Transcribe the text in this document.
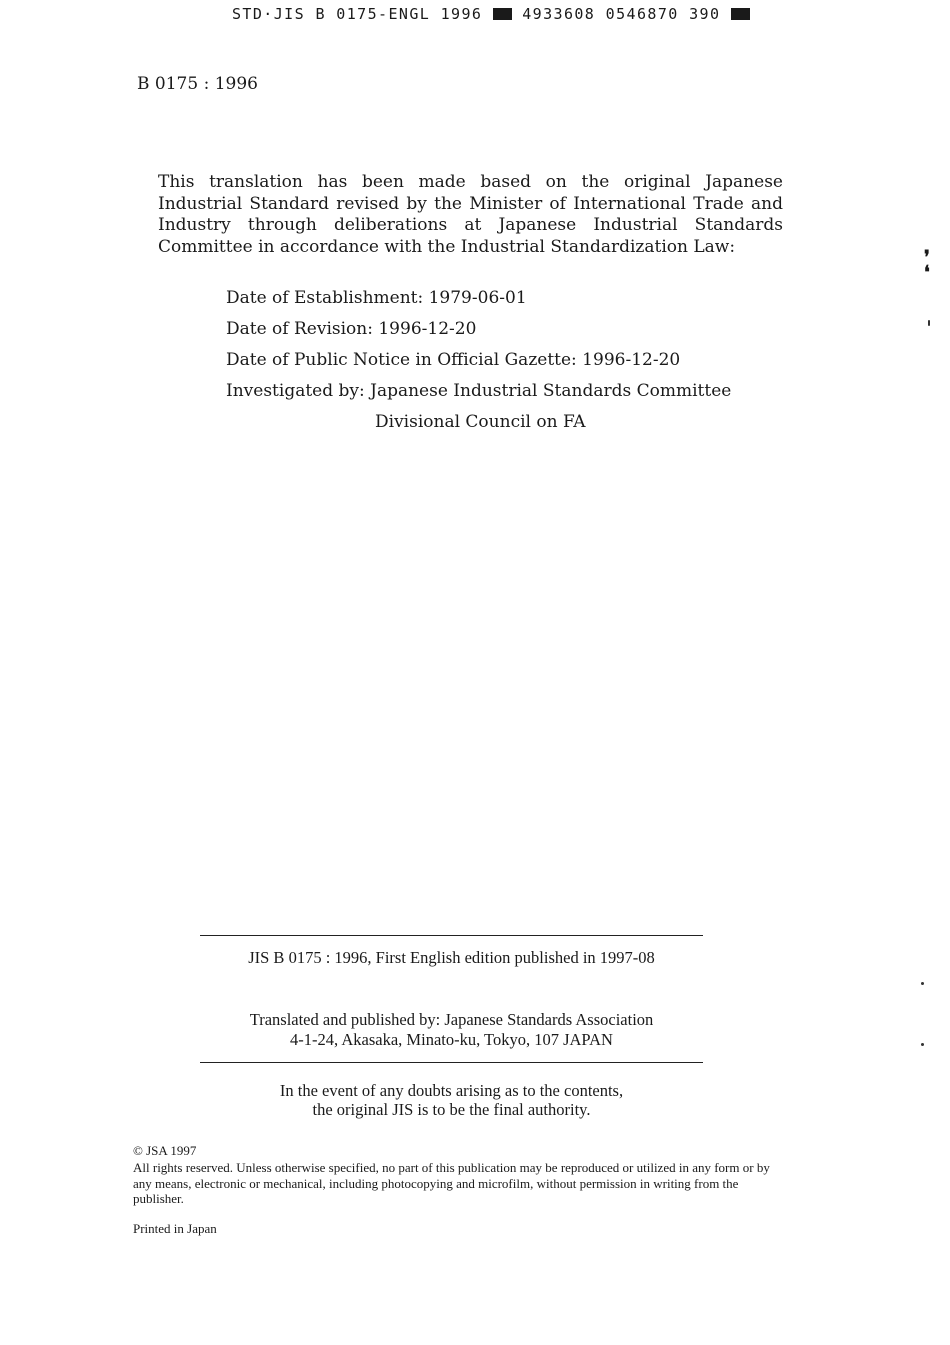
STD·JIS B 0175-ENGL 1996	4933608 0546870 390
B 0175 : 1996
This translation has been made based on the original Japanese Industrial Standard revised by the Minister of International Trade and Industry through deliberations at Japanese Industrial Standards Committee in accordance with the Industrial Standardization Law:
Date of Establishment: 1979-06-01
Date of Revision: 1996-12-20
Date of Public Notice in Official Gazette: 1996-12-20
Investigated by: Japanese Industrial Standards Committee
Divisional Council on FA
JIS B 0175 : 1996, First English edition published in 1997-08
Translated and published by: Japanese Standards Association
4-1-24, Akasaka, Minato-ku, Tokyo, 107 JAPAN
In the event of any doubts arising as to the contents,
the original JIS is to be the final authority.
© JSA 1997
All rights reserved. Unless otherwise specified, no part of this publication may be reproduced or utilized in any form or by any means, electronic or mechanical, including photocopying and microfilm, without permission in writing from the publisher.
Printed in Japan
❜
❛
